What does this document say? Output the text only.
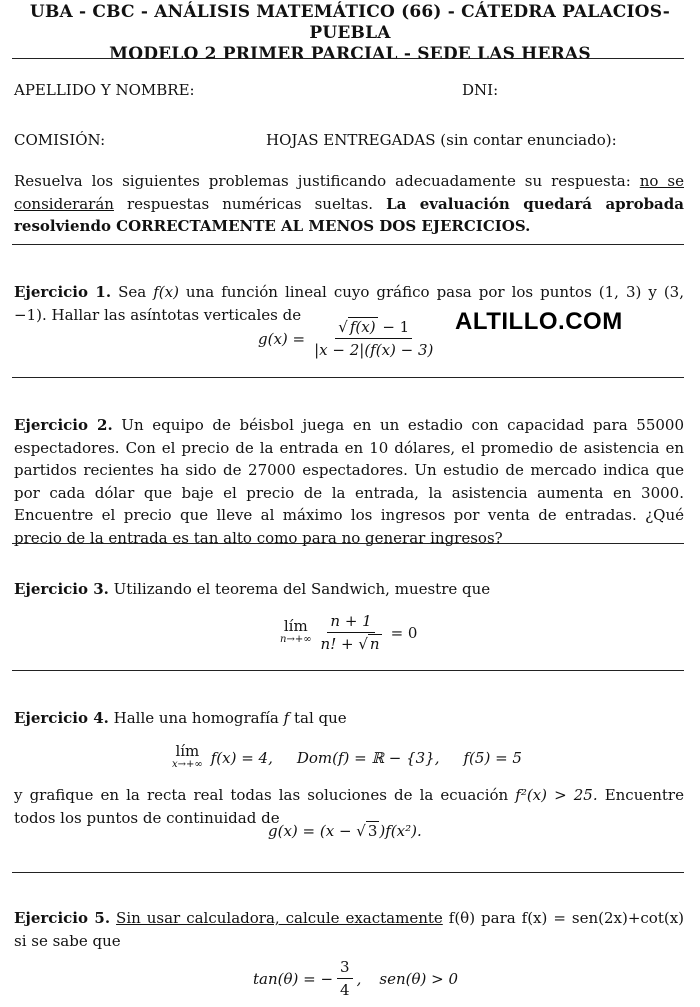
UBA - CBC - ANÁLISIS MATEMÁTICO (66) - CÁTEDRA PALACIOS-PUEBLA
MODELO 2 PRIMER PARCIAL - SEDE LAS HERAS
APELLIDO Y NOMBRE:	DNI:
COMISIÓN:	HOJAS ENTREGADAS (sin contar enunciado):
Resuelva los siguientes problemas justificando adecuadamente su respuesta: no se considerarán respuestas numéricas sueltas. La evaluación quedará aprobada resolviendo CORRECTAMENTE AL MENOS DOS EJERCICIOS.
Ejercicio 1. Sea f(x) una función lineal cuyo gráfico pasa por los puntos (1, 3) y (3, −1). Hallar las asíntotas verticales de
$g(x) = \frac{√ f(x) - 1}{|x - 2|(f(x) - 3)}$ ALTILLO.COM
Ejercicio 2. Un equipo de béisbol juega en un estadio con capacidad para 55000 espectadores. Con el precio de la entrada en 10 dólares, el promedio de asistencia en partidos recientes ha sido de 27000 espectadores. Un estudio de mercado indica que por cada dólar que baje el precio de la entrada, la asistencia aumenta en 3000. Encuentre el precio que lleve al máximo los ingresos por venta de entradas. ¿Qué precio de la entrada es tan alto como para no generar ingresos?
Ejercicio 3. Utilizando el teorema del Sandwich, muestre que
lím
$n\to+\infty \frac{n + 1}{n! + √ n} = 0$
Ejercicio 4. Halle una homografía f tal que
lím
x→+∞ f(x) = 4, Dom(f) = ℝ − {3}, f(5) = 5
y grafique en la recta real todas las soluciones de la ecuación f²(x) > 25. Encuentre todos los puntos de continuidad de
g(x) = (x − √ 3 )f(x²).
Ejercicio 5. Sin usar calculadora, calcule exactamente f(θ) para f(x) = sen(2x)+cot(x) si se sabe que
tan(θ) = − $\frac{3}{4}$ , sen(θ) > 0
